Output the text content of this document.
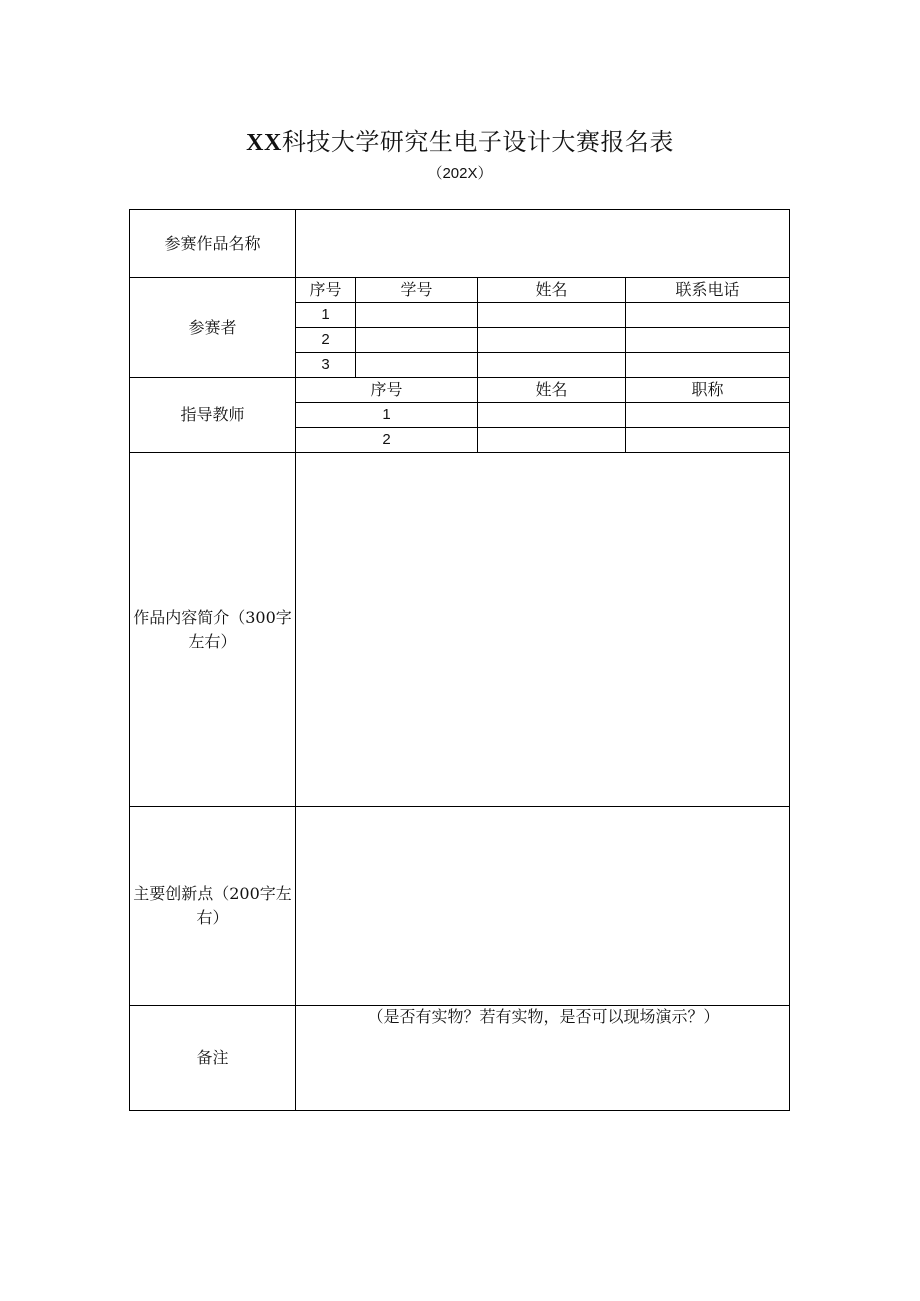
XX科技大学研究生电子设计大赛报名表
（202X）
参赛作品名称
参赛者
序号	学号	姓名	联系电话
1
2
3
指导教师
序号	姓名	职称
1
2
作品内容简介（300字左右）
主要创新点（200字左右）
备注
（是否有实物？若有实物，是否可以现场演示？）
